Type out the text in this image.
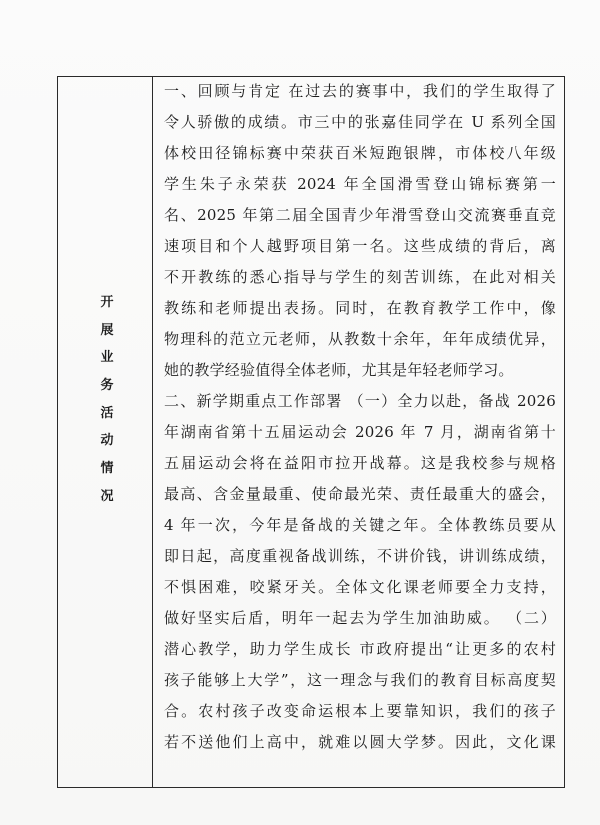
开
展
业
务
活
动
情
况
一、回顾与肯定 在过去的赛事中，我们的学生取得了
令人骄傲的成绩。市三中的张嘉佳同学在 U 系列全国
体校田径锦标赛中荣获百米短跑银牌，市体校八年级
学生朱子永荣获 2024 年全国滑雪登山锦标赛第一
名、2025 年第二届全国青少年滑雪登山交流赛垂直竞
速项目和个人越野项目第一名。这些成绩的背后，离
不开教练的悉心指导与学生的刻苦训练，在此对相关
教练和老师提出表扬。同时，在教育教学工作中，像
物理科的范立元老师，从教数十余年，年年成绩优异，
她的教学经验值得全体老师，尤其是年轻老师学习。
二、新学期重点工作部署 （一）全力以赴，备战 2026
年湖南省第十五届运动会 2026 年 7 月，湖南省第十
五届运动会将在益阳市拉开战幕。这是我校参与规格
最高、含金量最重、使命最光荣、责任最重大的盛会，
4 年一次，今年是备战的关键之年。全体教练员要从
即日起，高度重视备战训练，不讲价钱，讲训练成绩，
不惧困难，咬紧牙关。全体文化课老师要全力支持，
做好坚实后盾，明年一起去为学生加油助威。 （二）
潜心教学，助力学生成长 市政府提出“让更多的农村
孩子能够上大学”，这一理念与我们的教育目标高度契
合。农村孩子改变命运根本上要靠知识，我们的孩子
若不送他们上高中，就难以圆大学梦。因此，文化课
